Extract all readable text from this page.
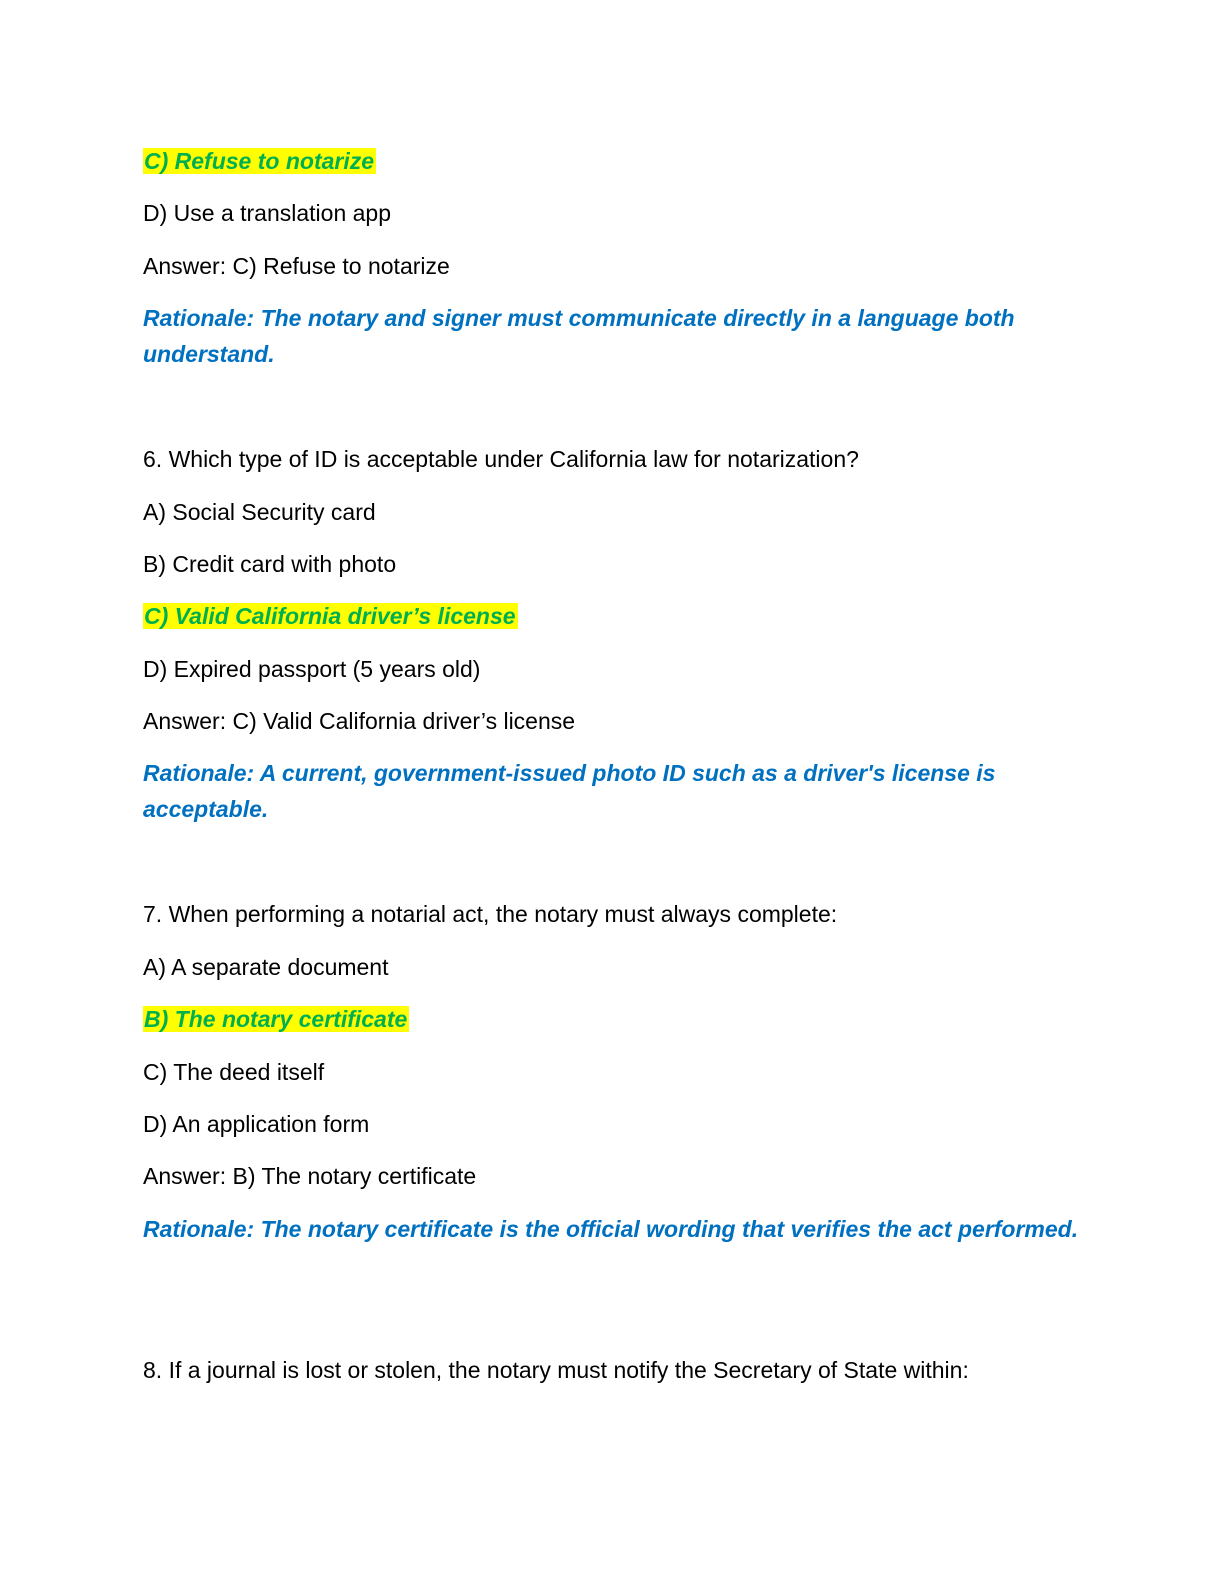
C) Refuse to notarize
D) Use a translation app
Answer: C) Refuse to notarize
Rationale: The notary and signer must communicate directly in a language both understand.
6. Which type of ID is acceptable under California law for notarization?
A) Social Security card
B) Credit card with photo
C) Valid California driver’s license
D) Expired passport (5 years old)
Answer: C) Valid California driver’s license
Rationale: A current, government-issued photo ID such as a driver's license is acceptable.
7. When performing a notarial act, the notary must always complete:
A) A separate document
B) The notary certificate
C) The deed itself
D) An application form
Answer: B) The notary certificate
Rationale: The notary certificate is the official wording that verifies the act performed.
8. If a journal is lost or stolen, the notary must notify the Secretary of State within:
